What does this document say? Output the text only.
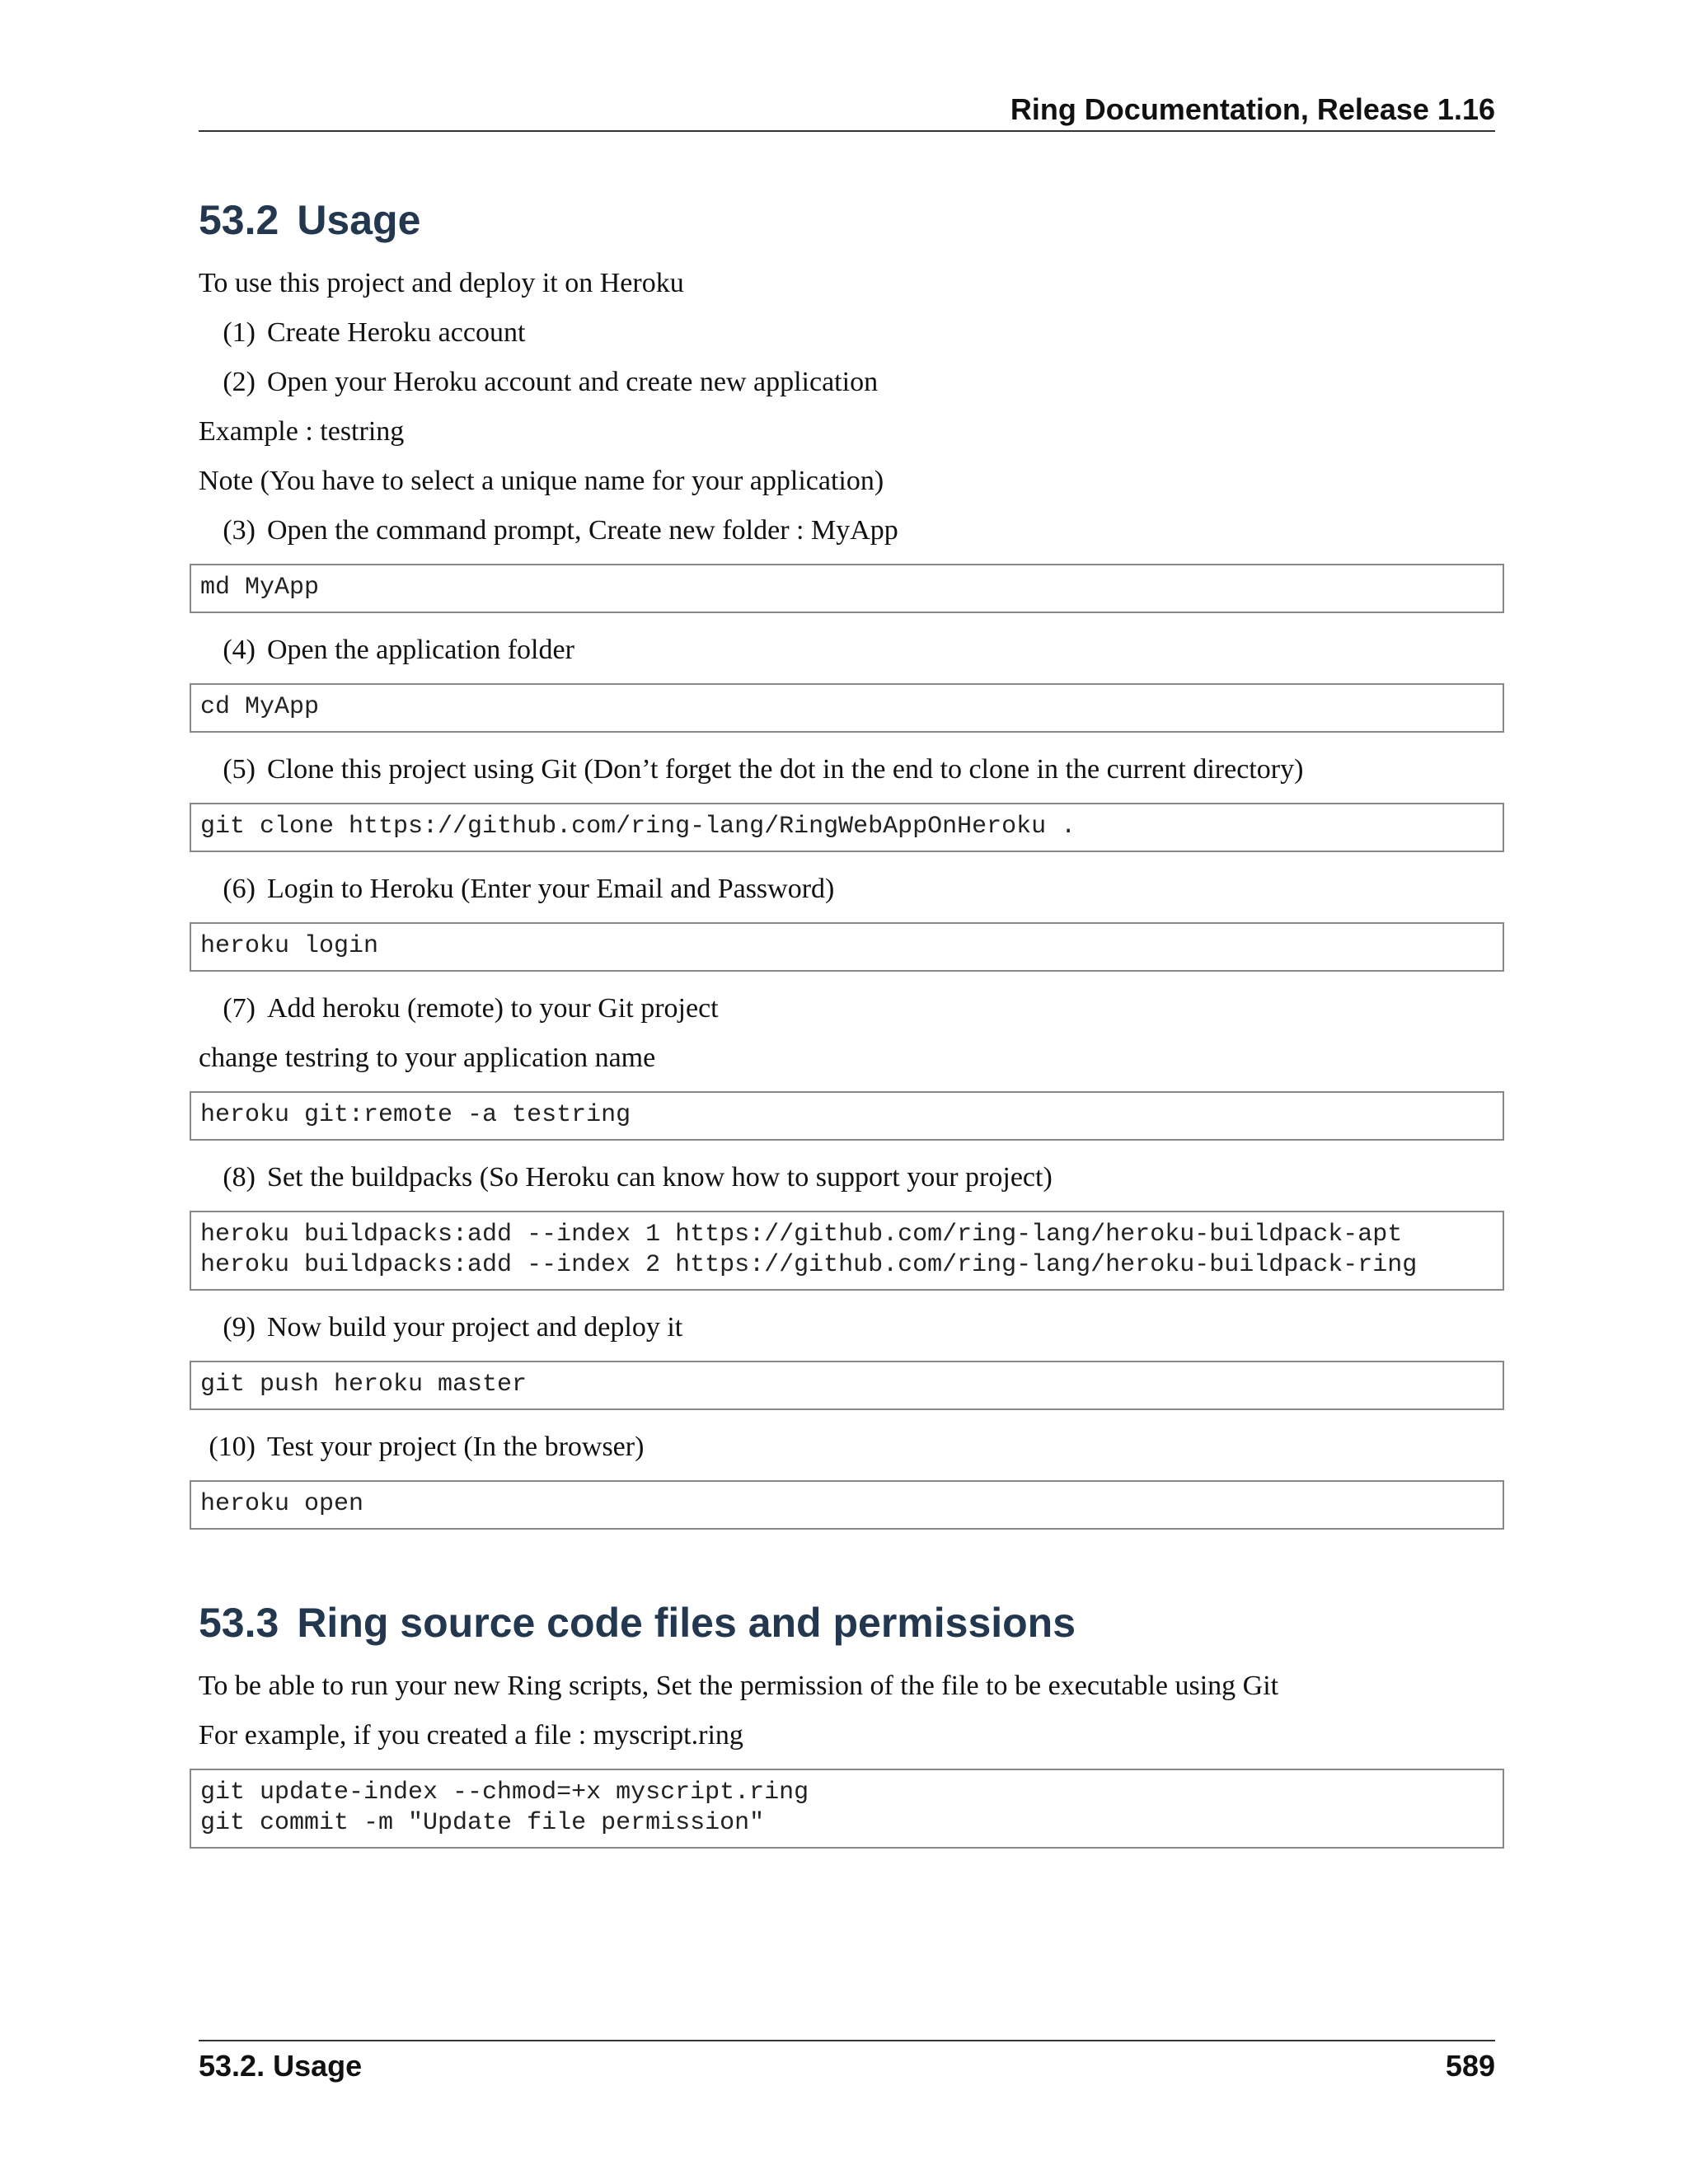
Ring Documentation, Release 1.16
53.2 Usage

To use this project and deploy it on Heroku

(1) Create Heroku account

(2) Open your Heroku account and create new application

Example : testring

Note (You have to select a unique name for your application)

(3) Open the command prompt, Create new folder : MyApp

md MyApp

(4) Open the application folder

cd MyApp

(5) Clone this project using Git (Don’t forget the dot in the end to clone in the current directory)

git clone https://github.com/ring-lang/RingWebAppOnHeroku .

(6) Login to Heroku (Enter your Email and Password)

heroku login

(7) Add heroku (remote) to your Git project

change testring to your application name

heroku git:remote -a testring

(8) Set the buildpacks (So Heroku can know how to support your project)

heroku buildpacks:add --index 1 https://github.com/ring-lang/heroku-buildpack-apt
heroku buildpacks:add --index 2 https://github.com/ring-lang/heroku-buildpack-ring

(9) Now build your project and deploy it

git push heroku master

(10) Test your project (In the browser)

heroku open
53.3 Ring source code files and permissions

To be able to run your new Ring scripts, Set the permission of the file to be executable using Git

For example, if you created a file : myscript.ring

git update-index --chmod=+x myscript.ring
git commit -m "Update file permission"
53.2. Usage	589
